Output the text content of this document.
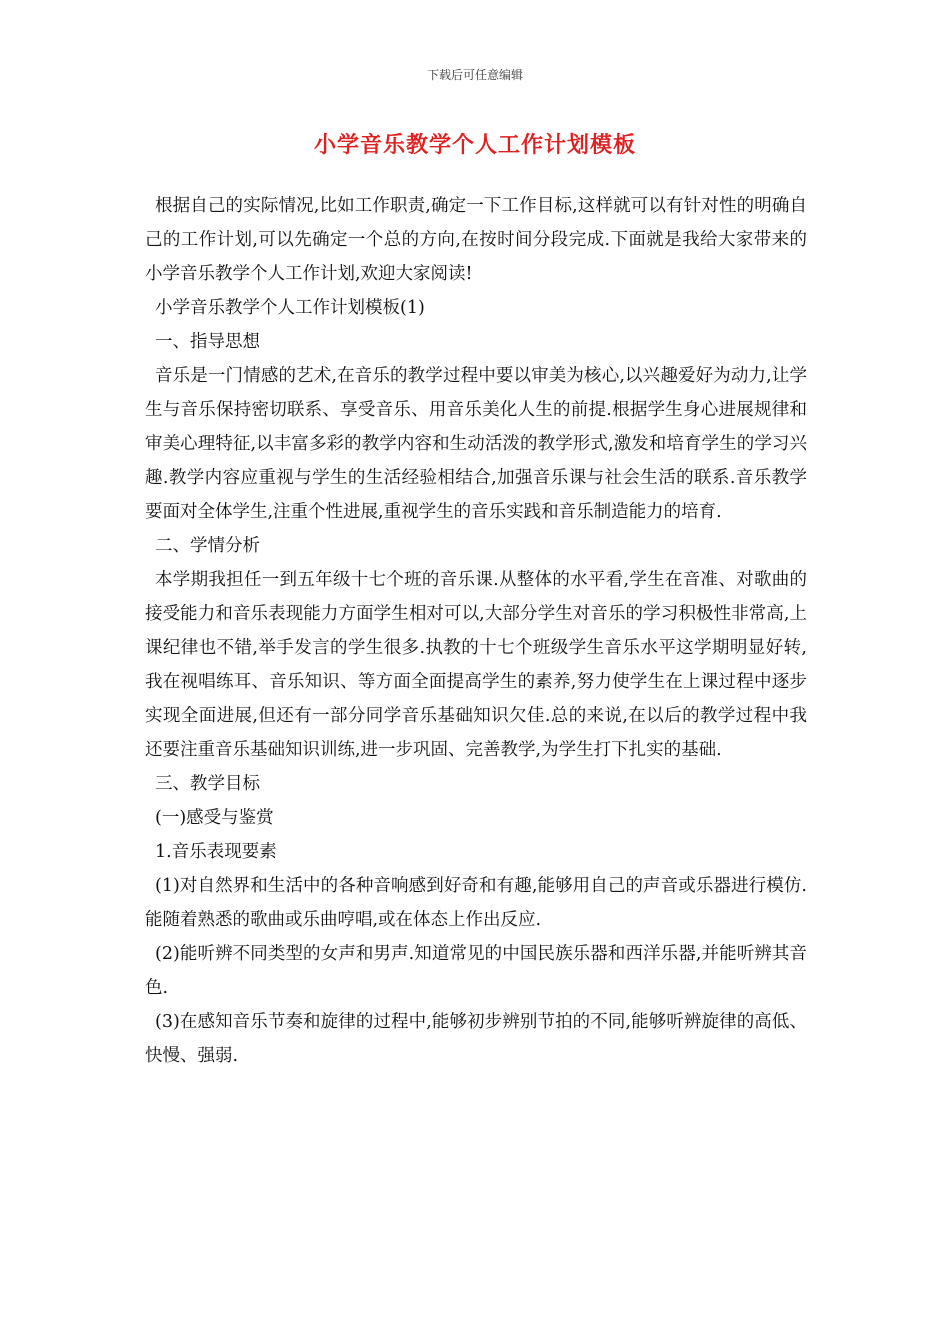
下载后可任意编辑
小学音乐教学个人工作计划模板

根据自己的实际情况,比如工作职责,确定一下工作目标,这样就可以有针对性的明确自己的工作计划,可以先确定一个总的方向,在按时间分段完成.下面就是我给大家带来的小学音乐教学个人工作计划,欢迎大家阅读!

小学音乐教学个人工作计划模板(1)

一、指导思想

音乐是一门情感的艺术,在音乐的教学过程中要以审美为核心,以兴趣爱好为动力,让学生与音乐保持密切联系、享受音乐、用音乐美化人生的前提.根据学生身心进展规律和审美心理特征,以丰富多彩的教学内容和生动活泼的教学形式,激发和培育学生的学习兴趣.教学内容应重视与学生的生活经验相结合,加强音乐课与社会生活的联系.音乐教学要面对全体学生,注重个性进展,重视学生的音乐实践和音乐制造能力的培育.

二、学情分析

本学期我担任一到五年级十七个班的音乐课.从整体的水平看,学生在音准、对歌曲的接受能力和音乐表现能力方面学生相对可以,大部分学生对音乐的学习积极性非常高,上课纪律也不错,举手发言的学生很多.执教的十七个班级学生音乐水平这学期明显好转,我在视唱练耳、音乐知识、等方面全面提高学生的素养,努力使学生在上课过程中逐步实现全面进展,但还有一部分同学音乐基础知识欠佳.总的来说,在以后的教学过程中我还要注重音乐基础知识训练,进一步巩固、完善教学,为学生打下扎实的基础.

三、教学目标

(一)感受与鉴赏

1.音乐表现要素

(1)对自然界和生活中的各种音响感到好奇和有趣,能够用自己的声音或乐器进行模仿.能随着熟悉的歌曲或乐曲哼唱,或在体态上作出反应.

(2)能听辨不同类型的女声和男声.知道常见的中国民族乐器和西洋乐器,并能听辨其音色.

(3)在感知音乐节奏和旋律的过程中,能够初步辨别节拍的不同,能够听辨旋律的高低、快慢、强弱.
